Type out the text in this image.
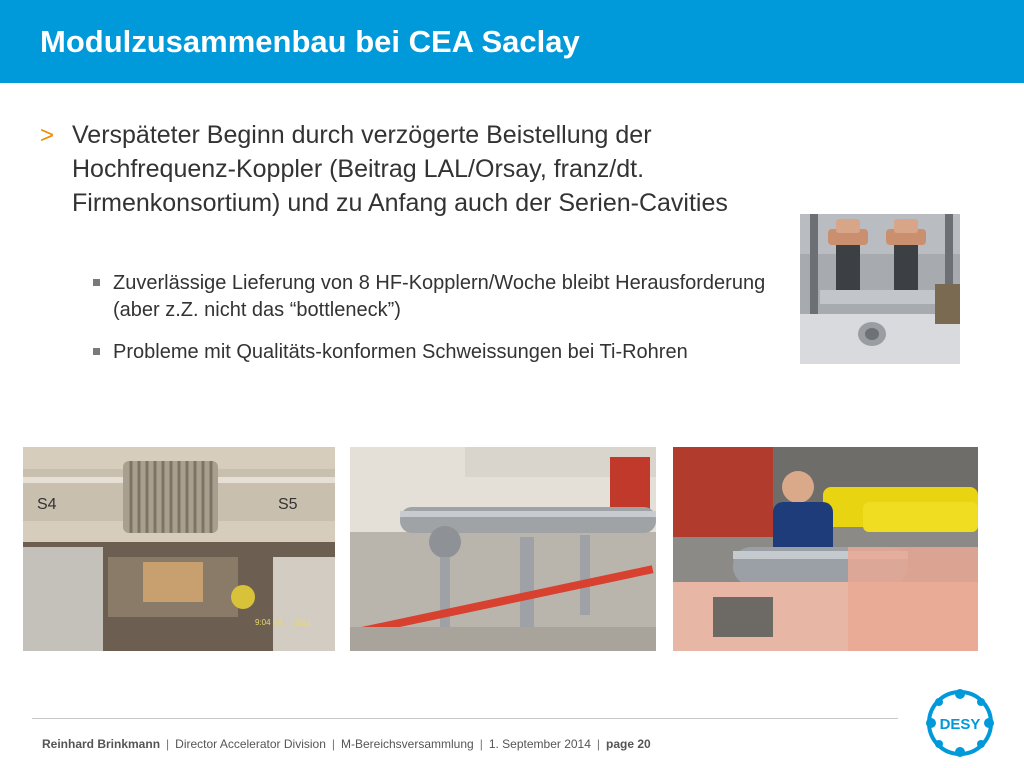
Modulzusammenbau bei CEA Saclay
> Verspäteter Beginn durch verzögerte Beistellung der Hochfrequenz-Koppler (Beitrag LAL/Orsay, franz/dt. Firmenkonsortium) und zu Anfang auch der Serien-Cavities
Zuverlässige Lieferung von 8 HF-Kopplern/Woche bleibt Herausforderung (aber z.Z. nicht das “bottleneck”)
Probleme mit Qualitäts-konformen Schweissungen bei Ti-Rohren
S4	S5
9:04 24 ... 2013
Reinhard Brinkmann | Director Accelerator Division | M-Bereichsversammlung | 1. September 2014 | page 20
DESY
